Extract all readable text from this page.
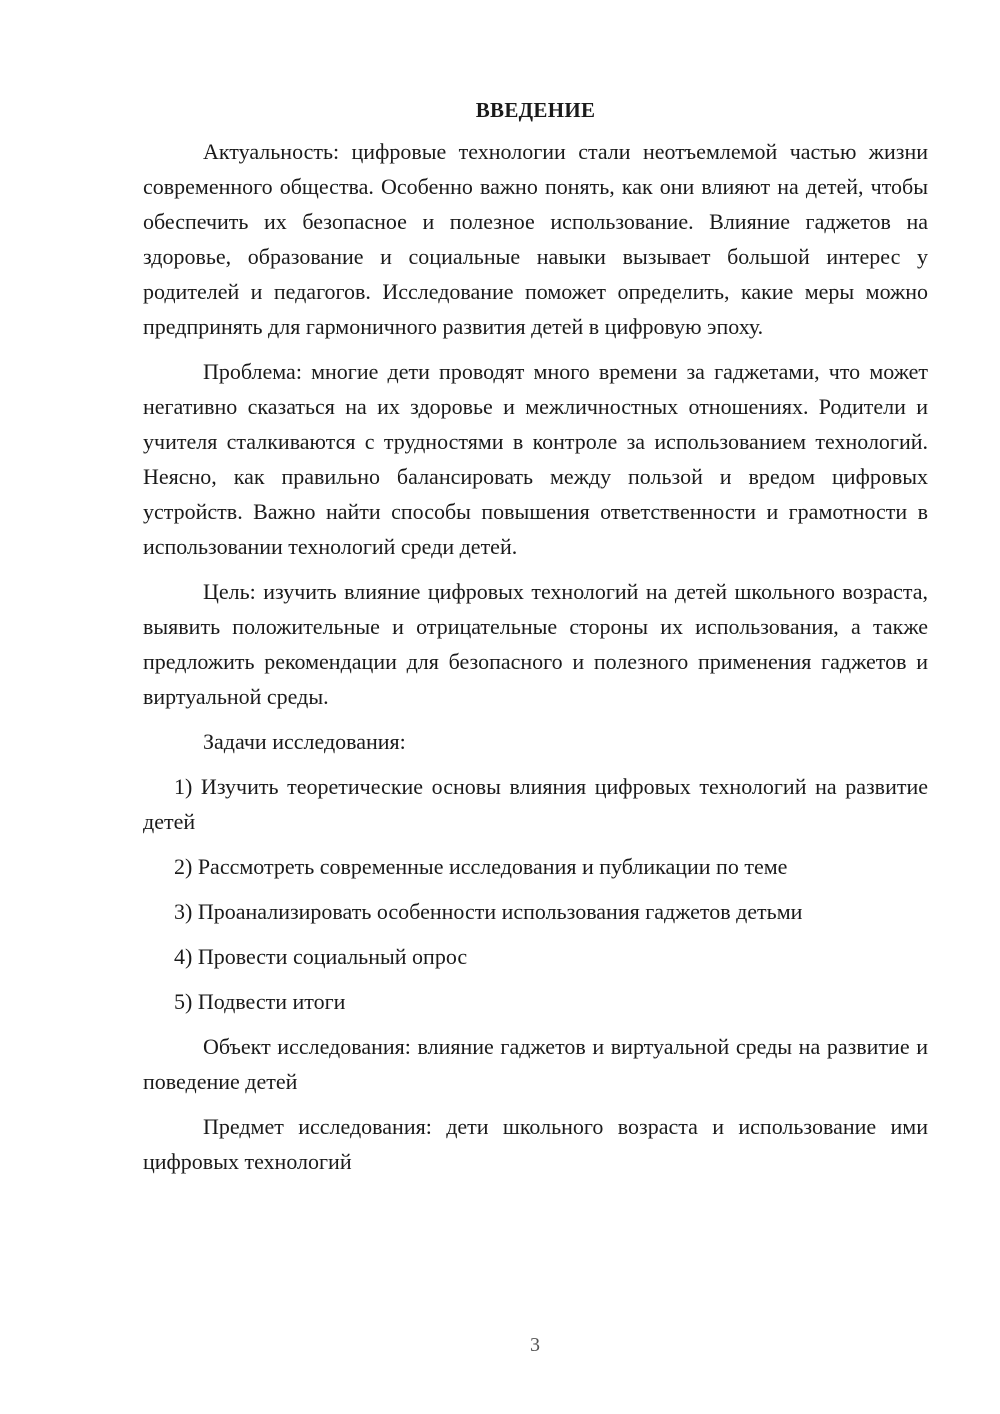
ВВЕДЕНИЕ

Актуальность: цифровые технологии стали неотъемлемой частью жизни современного общества. Особенно важно понять, как они влияют на детей, чтобы обеспечить их безопасное и полезное использование. Влияние гаджетов на здоровье, образование и социальные навыки вызывает большой интерес у родителей и педагогов. Исследование поможет определить, какие меры можно предпринять для гармоничного развития детей в цифровую эпоху.

Проблема: многие дети проводят много времени за гаджетами, что может негативно сказаться на их здоровье и межличностных отношениях. Родители и учителя сталкиваются с трудностями в контроле за использованием технологий. Неясно, как правильно балансировать между пользой и вредом цифровых устройств. Важно найти способы повышения ответственности и грамотности в использовании технологий среди детей.

Цель: изучить влияние цифровых технологий на детей школьного возраста, выявить положительные и отрицательные стороны их использования, а также предложить рекомендации для безопасного и полезного применения гаджетов и виртуальной среды.

Задачи исследования:

1) Изучить теоретические основы влияния цифровых технологий на развитие детей

2) Рассмотреть современные исследования и публикации по теме

3) Проанализировать особенности использования гаджетов детьми

4) Провести социальный опрос

5) Подвести итоги

Объект исследования: влияние гаджетов и виртуальной среды на развитие и поведение детей

Предмет исследования: дети школьного возраста и использование ими цифровых технологий

3
